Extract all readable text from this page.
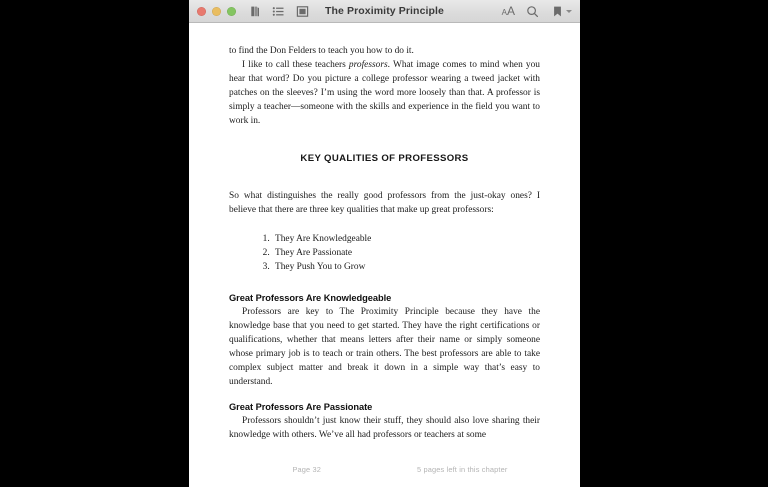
The Proximity Principle	A A

to find the Don Felders to teach you how to do it.

I like to call these teachers professors. What image comes to mind when you hear that word? Do you picture a college professor wearing a tweed jacket with patches on the sleeves? I’m using the word more loosely than that. A professor is simply a teacher—someone with the skills and experience in the field you want to work in.

KEY QUALITIES OF PROFESSORS

So what distinguishes the really good professors from the just-okay ones? I believe that there are three key qualities that make up great professors:

1. They Are Knowledgeable
2. They Are Passionate
3. They Push You to Grow
Great Professors Are Knowledgeable

Professors are key to The Proximity Principle because they have the knowledge base that you need to get started. They have the right certifications or qualifications, whether that means letters after their name or simply someone whose primary job is to teach or train others. The best professors are able to take complex subject matter and break it down in a simple way that’s easy to understand.

Great Professors Are Passionate

Professors shouldn’t just know their stuff, they should also love sharing their knowledge with others. We’ve all had professors or teachers at some

Page 32	5 pages left in this chapter
